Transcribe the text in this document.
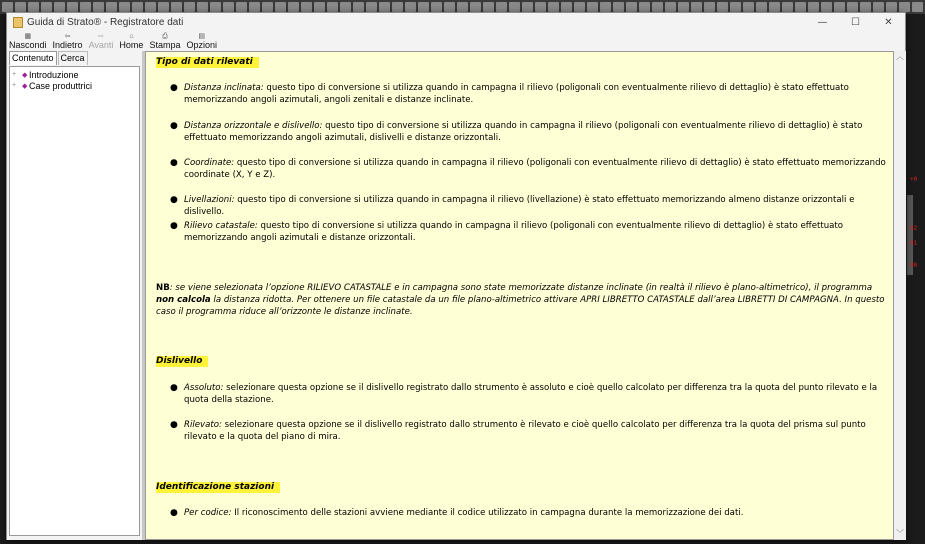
+0
02
01
00
Guida di Strato® - Registratore dati	—	☐	✕
▦
Nascondi
⇦
Indietro
⇨
Avanti
⌂
Home
⎙
Stampa
▤
Opzioni
Contenuto Cerca
+ ◆ Introduzione
+ ◆ Case produttrici
Tipo di dati rilevati
● Distanza inclinata: questo tipo di conversione si utilizza quando in campagna il rilievo (poligonali con eventualmente rilievo di dettaglio) è stato effettuato memorizzando angoli azimutali, angoli zenitali e distanze inclinate.
● Distanza orizzontale e dislivello: questo tipo di conversione si utilizza quando in campagna il rilievo (poligonali con eventualmente rilievo di dettaglio) è stato effettuato memorizzando angoli azimutali, dislivelli e distanze orizzontali.
● Coordinate: questo tipo di conversione si utilizza quando in campagna il rilievo (poligonali con eventualmente rilievo di dettaglio) è stato effettuato memorizzando coordinate (X, Y e Z).
● Livellazioni: questo tipo di conversione si utilizza quando in campagna il rilievo (livellazione) è stato effettuato memorizzando almeno distanze orizzontali e dislivello.
● Rilievo catastale: questo tipo di conversione si utilizza quando in campagna il rilievo (poligonali con eventualmente rilievo di dettaglio) è stato effettuato memorizzando angoli azimutali e distanze orizzontali.
NB: se viene selezionata l’opzione RILIEVO CATASTALE e in campagna sono state memorizzate distanze inclinate (in realtà il rilievo è plano-altimetrico), il programma non calcola la distanza ridotta. Per ottenere un file catastale da un file plano-altimetrico attivare APRI LIBRETTO CATASTALE dall’area LIBRETTI DI CAMPAGNA. In questo caso il programma riduce all’orizzonte le distanze inclinate.
Dislivello
● Assoluto: selezionare questa opzione se il dislivello registrato dallo strumento è assoluto e cioè quello calcolato per differenza tra la quota del punto rilevato e la quota della stazione.
● Rilevato: selezionare questa opzione se il dislivello registrato dallo strumento è rilevato e cioè quello calcolato per differenza tra la quota del prisma sul punto rilevato e la quota del piano di mira.
Identificazione stazioni
● Per codice: Il riconoscimento delle stazioni avviene mediante il codice utilizzato in campagna durante la memorizzazione dei dati.
︿
﹀
